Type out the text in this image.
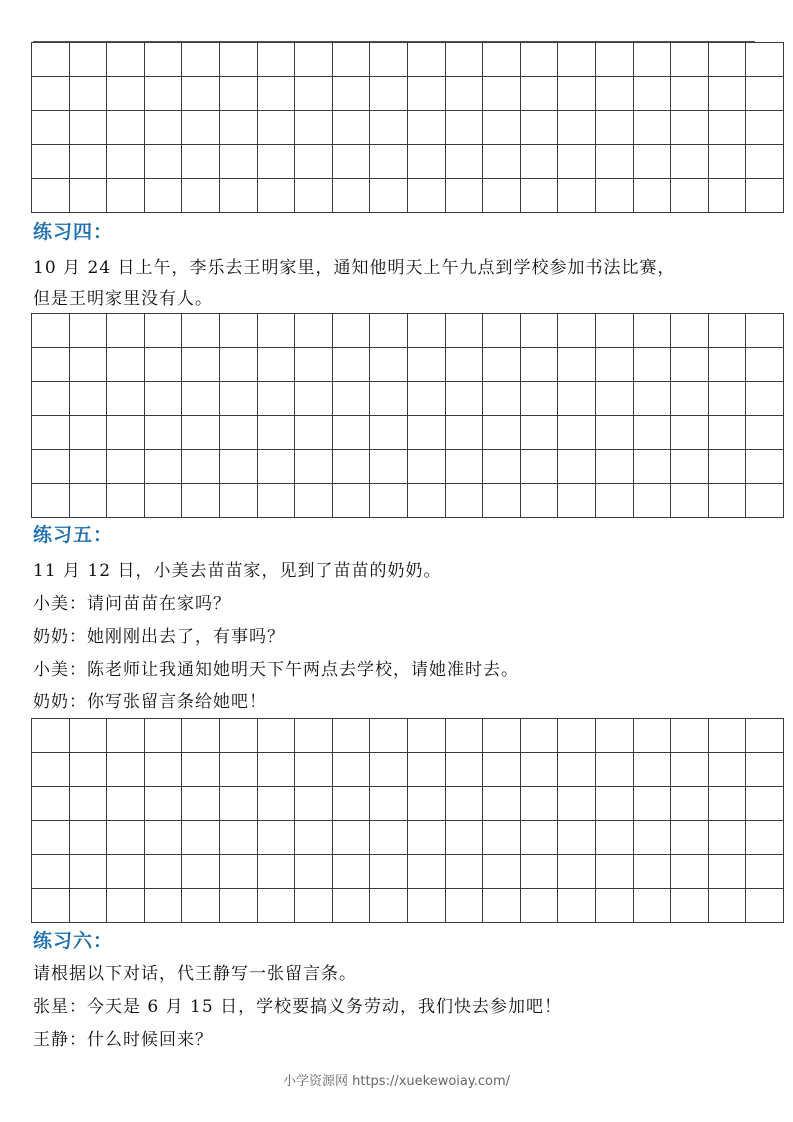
练习四：

10 月 24 日上午，李乐去王明家里，通知他明天上午九点到学校参加书法比赛，

但是王明家里没有人。

练习五：

11 月 12 日，小美去苗苗家，见到了苗苗的奶奶。

小美：请问苗苗在家吗？

奶奶：她刚刚出去了，有事吗？

小美：陈老师让我通知她明天下午两点去学校，请她准时去。

奶奶：你写张留言条给她吧！

练习六：

请根据以下对话，代王静写一张留言条。

张星：今天是 6 月 15 日，学校要搞义务劳动，我们快去参加吧！

王静：什么时候回来？

小学资源网 https://xuekewoiay.com/
